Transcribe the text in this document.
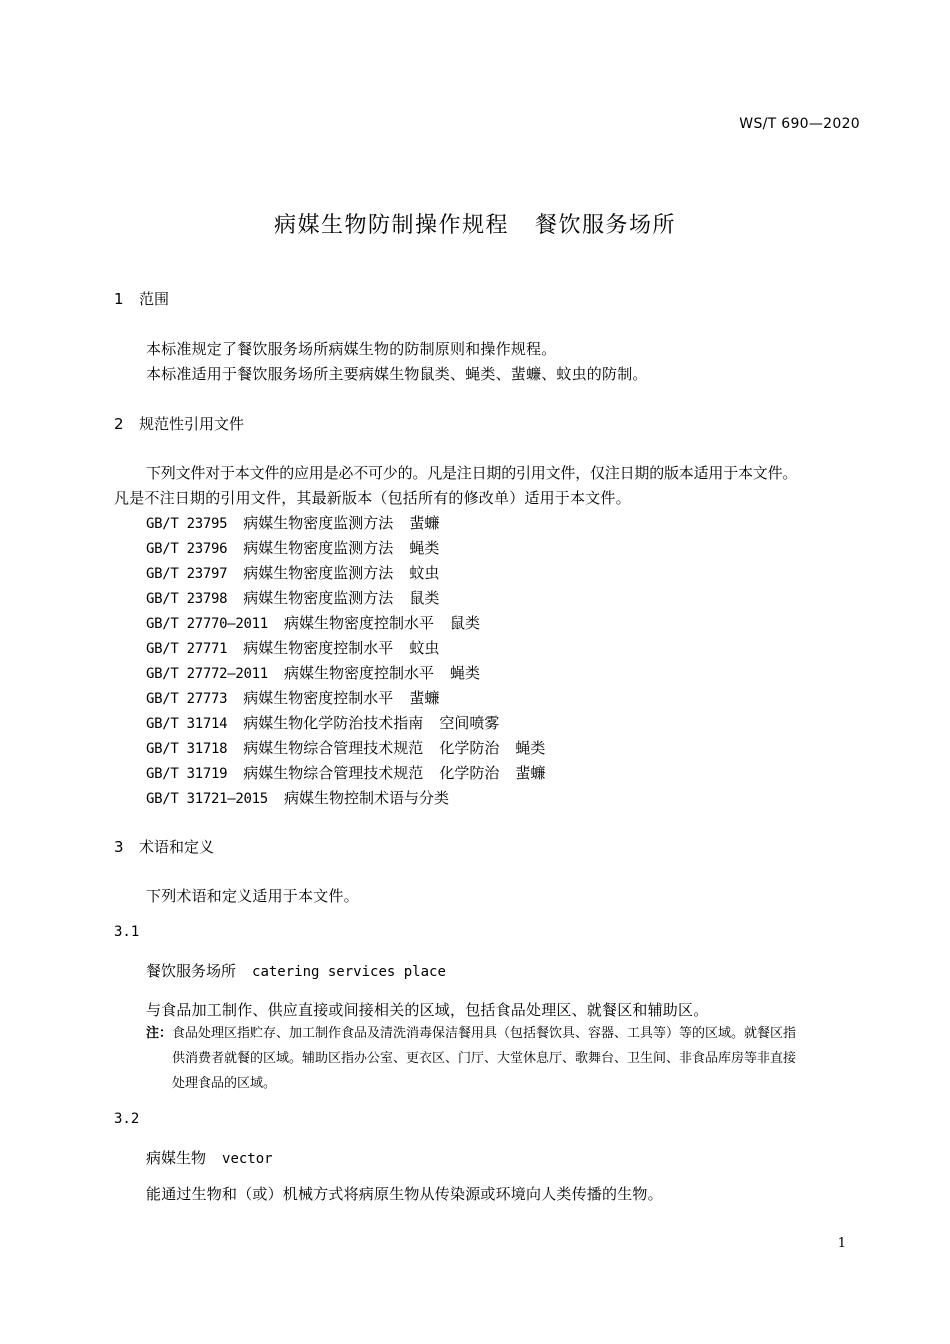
WS/T 690—2020
病媒生物防制操作规程 餐饮服务场所
1 范围
本标准规定了餐饮服务场所病媒生物的防制原则和操作规程。
本标准适用于餐饮服务场所主要病媒生物鼠类、蝇类、蜚蠊、蚊虫的防制。
2 规范性引用文件
下列文件对于本文件的应用是必不可少的。凡是注日期的引用文件，仅注日期的版本适用于本文件。
凡是不注日期的引用文件，其最新版本（包括所有的修改单）适用于本文件。
GB/T 23795 病媒生物密度监测方法 蜚蠊
GB/T 23796 病媒生物密度监测方法 蝇类
GB/T 23797 病媒生物密度监测方法 蚊虫
GB/T 23798 病媒生物密度监测方法 鼠类
GB/T 27770—2011 病媒生物密度控制水平 鼠类
GB/T 27771 病媒生物密度控制水平 蚊虫
GB/T 27772—2011 病媒生物密度控制水平 蝇类
GB/T 27773 病媒生物密度控制水平 蜚蠊
GB/T 31714 病媒生物化学防治技术指南 空间喷雾
GB/T 31718 病媒生物综合管理技术规范 化学防治 蝇类
GB/T 31719 病媒生物综合管理技术规范 化学防治 蜚蠊
GB/T 31721—2015 病媒生物控制术语与分类
3 术语和定义
下列术语和定义适用于本文件。
3.1
餐饮服务场所 catering services place
与食品加工制作、供应直接或间接相关的区域，包括食品处理区、就餐区和辅助区。
注： 食品处理区指贮存、加工制作食品及清洗消毒保洁餐用具（包括餐饮具、容器、工具等）等的区域。就餐区指
供消费者就餐的区域。辅助区指办公室、更衣区、门厅、大堂休息厅、歌舞台、卫生间、非食品库房等非直接
处理食品的区域。
3.2
病媒生物 vector
能通过生物和（或）机械方式将病原生物从传染源或环境向人类传播的生物。
1
